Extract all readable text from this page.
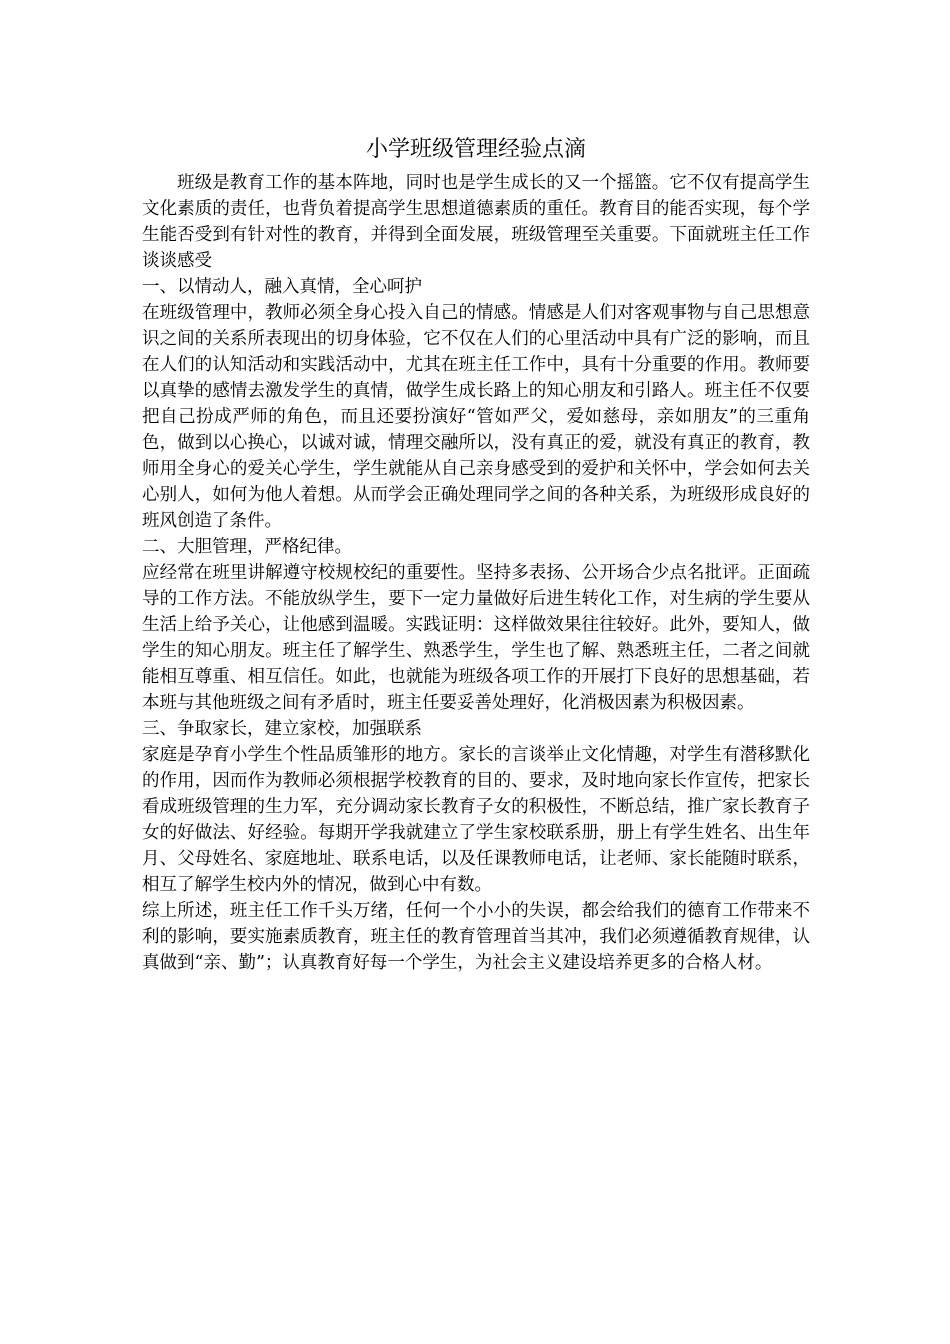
小学班级管理经验点滴

班级是教育工作的基本阵地，同时也是学生成长的又一个摇篮。它不仅有提高学生文化素质的责任，也背负着提高学生思想道德素质的重任。教育目的能否实现，每个学生能否受到有针对性的教育，并得到全面发展，班级管理至关重要。下面就班主任工作谈谈感受

一、以情动人，融入真情，全心呵护

在班级管理中，教师必须全身心投入自己的情感。情感是人们对客观事物与自己思想意识之间的关系所表现出的切身体验，它不仅在人们的心里活动中具有广泛的影响，而且在人们的认知活动和实践活动中，尤其在班主任工作中，具有十分重要的作用。教师要以真挚的感情去激发学生的真情，做学生成长路上的知心朋友和引路人。班主任不仅要把自己扮成严师的角色，而且还要扮演好“管如严父，爱如慈母，亲如朋友”的三重角色，做到以心换心，以诚对诚，情理交融所以，没有真正的爱，就没有真正的教育，教师用全身心的爱关心学生，学生就能从自己亲身感受到的爱护和关怀中，学会如何去关心别人，如何为他人着想。从而学会正确处理同学之间的各种关系，为班级形成良好的班风创造了条件。

二、大胆管理，严格纪律。

应经常在班里讲解遵守校规校纪的重要性。坚持多表扬、公开场合少点名批评。正面疏导的工作方法。不能放纵学生，要下一定力量做好后进生转化工作，对生病的学生要从生活上给予关心，让他感到温暖。实践证明：这样做效果往往较好。此外，要知人，做学生的知心朋友。班主任了解学生、熟悉学生，学生也了解、熟悉班主任，二者之间就能相互尊重、相互信任。如此，也就能为班级各项工作的开展打下良好的思想基础，若本班与其他班级之间有矛盾时，班主任要妥善处理好，化消极因素为积极因素。

三、争取家长，建立家校，加强联系

家庭是孕育小学生个性品质雏形的地方。家长的言谈举止文化情趣，对学生有潜移默化的作用，因而作为教师必须根据学校教育的目的、要求，及时地向家长作宣传，把家长看成班级管理的生力军，充分调动家长教育子女的积极性，不断总结，推广家长教育子女的好做法、好经验。每期开学我就建立了学生家校联系册，册上有学生姓名、出生年月、父母姓名、家庭地址、联系电话，以及任课教师电话，让老师、家长能随时联系，相互了解学生校内外的情况，做到心中有数。

综上所述，班主任工作千头万绪，任何一个小小的失误，都会给我们的德育工作带来不利的影响，要实施素质教育，班主任的教育管理首当其冲，我们必须遵循教育规律，认真做到“亲、勤”；认真教育好每一个学生，为社会主义建设培养更多的合格人材。
